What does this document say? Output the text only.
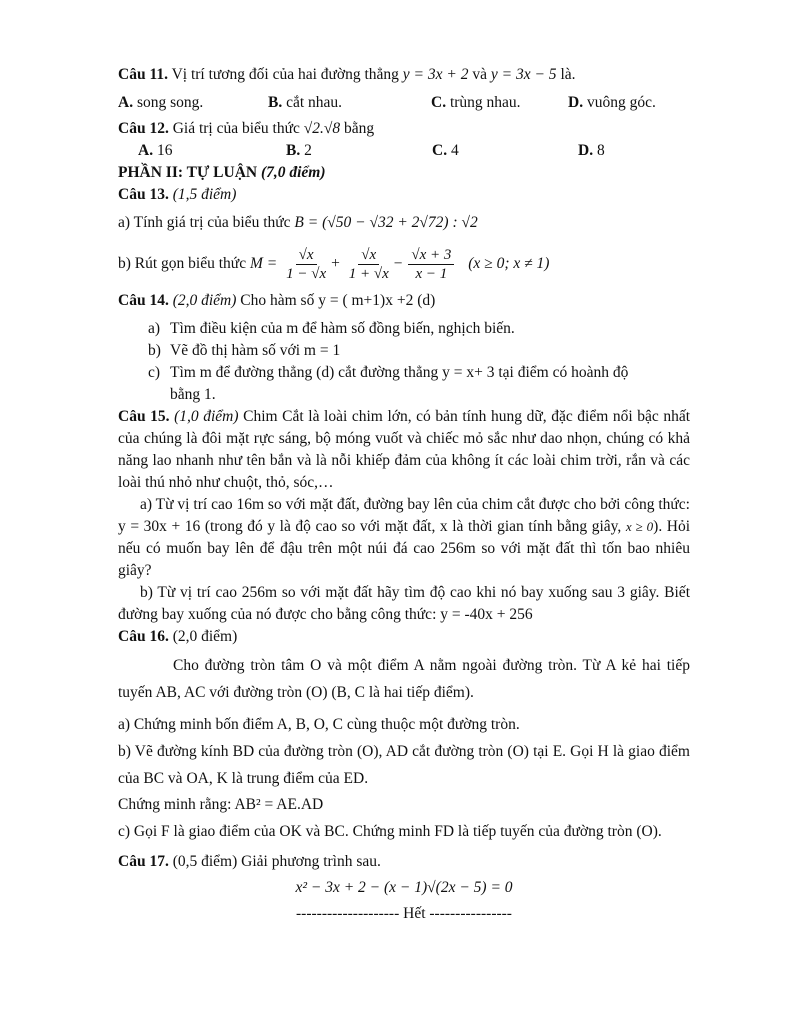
Câu 11. Vị trí tương đối của hai đường thẳng y = 3x + 2 và y = 3x − 5 là.
A. song song.	B. cắt nhau.	C. trùng nhau.	D. vuông góc.
Câu 12. Giá trị của biểu thức √2.√8 bằng
A. 16	B. 2	C. 4	D. 8
PHẦN II: TỰ LUẬN (7,0 điểm)
Câu 13. (1,5 điểm)
a) Tính giá trị của biểu thức B = (√50 − √32 + 2√72) : √2
b) Rút gọn biểu thức $M = \frac{√x}{1 - √x} + \frac{√x}{1 + √x} - \frac{√x + 3}{x - 1} (x \ge 0$; x ≠ 1)
Câu 14. (2,0 điểm) Cho hàm số y = ( m+1)x +2 (d)
a) Tìm điều kiện của m để hàm số đồng biến, nghịch biến.
b) Vẽ đồ thị hàm số với m = 1
c) Tìm m để đường thẳng (d) cắt đường thẳng y = x+ 3 tại điểm có hoành độ
bằng 1.
Câu 15. (1,0 điểm) Chim Cắt là loài chim lớn, có bản tính hung dữ, đặc điểm nổi bậc nhất của chúng là đôi mặt rực sáng, bộ móng vuốt và chiếc mỏ sắc như dao nhọn, chúng có khả năng lao nhanh như tên bắn và là nỗi khiếp đảm của không ít các loài chim trời, rắn và các loài thú nhỏ như chuột, thỏ, sóc,…
a) Từ vị trí cao 16m so với mặt đất, đường bay lên của chim cắt được cho bởi công thức: y = 30x + 16 (trong đó y là độ cao so với mặt đất, x là thời gian tính bằng giây, x ≥ 0). Hỏi nếu có muốn bay lên để đậu trên một núi đá cao 256m so với mặt đất thì tốn bao nhiêu giây?
b) Từ vị trí cao 256m so với mặt đất hãy tìm độ cao khi nó bay xuống sau 3 giây. Biết đường bay xuống của nó được cho bằng công thức: y = -40x + 256
Câu 16. (2,0 điểm)
Cho đường tròn tâm O và một điểm A nằm ngoài đường tròn. Từ A kẻ hai tiếp tuyến AB, AC với đường tròn (O) (B, C là hai tiếp điểm).
a) Chứng minh bốn điểm A, B, O, C cùng thuộc một đường tròn.
b) Vẽ đường kính BD của đường tròn (O), AD cắt đường tròn (O) tại E. Gọi H là giao điểm của BC và OA, K là trung điểm của ED.
Chứng minh rằng: AB² = AE.AD
c) Gọi F là giao điểm của OK và BC. Chứng minh FD là tiếp tuyến của đường tròn (O).
Câu 17. (0,5 điểm) Giải phương trình sau.
x² − 3x + 2 − (x − 1)√(2x − 5) = 0
-------------------- Hết ----------------
